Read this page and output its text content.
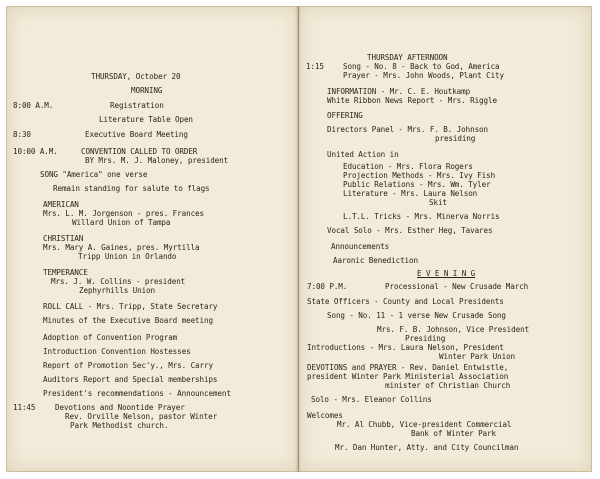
THURSDAY, October 20
MORNING
8:00 A.M.	Registration
Literature Table Open
8:30	Executive Board Meeting
10:00 A.M.	CONVENTION CALLED TO ORDER
BY Mrs. M. J. Maloney, president
SONG "America" one verse
Remain standing for salute to flags
AMERICAN
Mrs. L. M. Jorgenson - pres. Frances
Willard Union of Tampa
CHRISTIAN
Mrs. Mary A. Gaines, pres. Myrtilla
Tripp Union in Orlando
TEMPERANCE
Mrs. J. W. Collins - president
Zephyrhills Union
ROLL CALL - Mrs. Tripp, State Secretary
Minutes of the Executive Board meeting
Adoption of Convention Program
Introduction Convention Hostesses
Report of Promotion Sec'y., Mrs. Carry
Auditors Report and Special memberships
President's recommendations - Announcement
11:45	Devotions and Noontide Prayer
Rev. Orville Nelson, pastor Winter
Park Methodist church.
THURSDAY AFTERNOON
1:15	Song - No. 8 - Back to God, America
Prayer - Mrs. John Woods, Plant City
INFORMATION - Mr. C. E. Houtkamp
White Ribbon News Report - Mrs. Riggle
OFFERING
Directors Panel - Mrs. F. B. Johnson
presiding
United Action in
Education - Mrs. Flora Rogers
Projection Methods - Mrs. Ivy Fish
Public Relations - Mrs. Wm. Tyler
Literature - Mrs. Laura Nelson
Skit
L.T.L. Tricks - Mrs. Minerva Norris
Vocal Solo - Mrs. Esther Heg, Tavares
Announcements
Aaronic Benediction
E V E N I N G
7:00 P.M.	Processional - New Crusade March
State Officers - County and Local Presidents
Song - No. 11 - 1 verse New Crusade Song
Mrs. F. B. Johnson, Vice President
Presiding
Introductions - Mrs. Laura Nelson, President
Winter Park Union
DEVOTIONS and PRAYER - Rev. Daniel Entwistle,
president Winter Park Ministerial Association
minister of Christian Church
Solo - Mrs. Eleanor Collins
Welcomes
Mr. Al Chubb, Vice-president Commercial
Bank of Winter Park
Mr. Dan Hunter, Atty. and City Councilman
